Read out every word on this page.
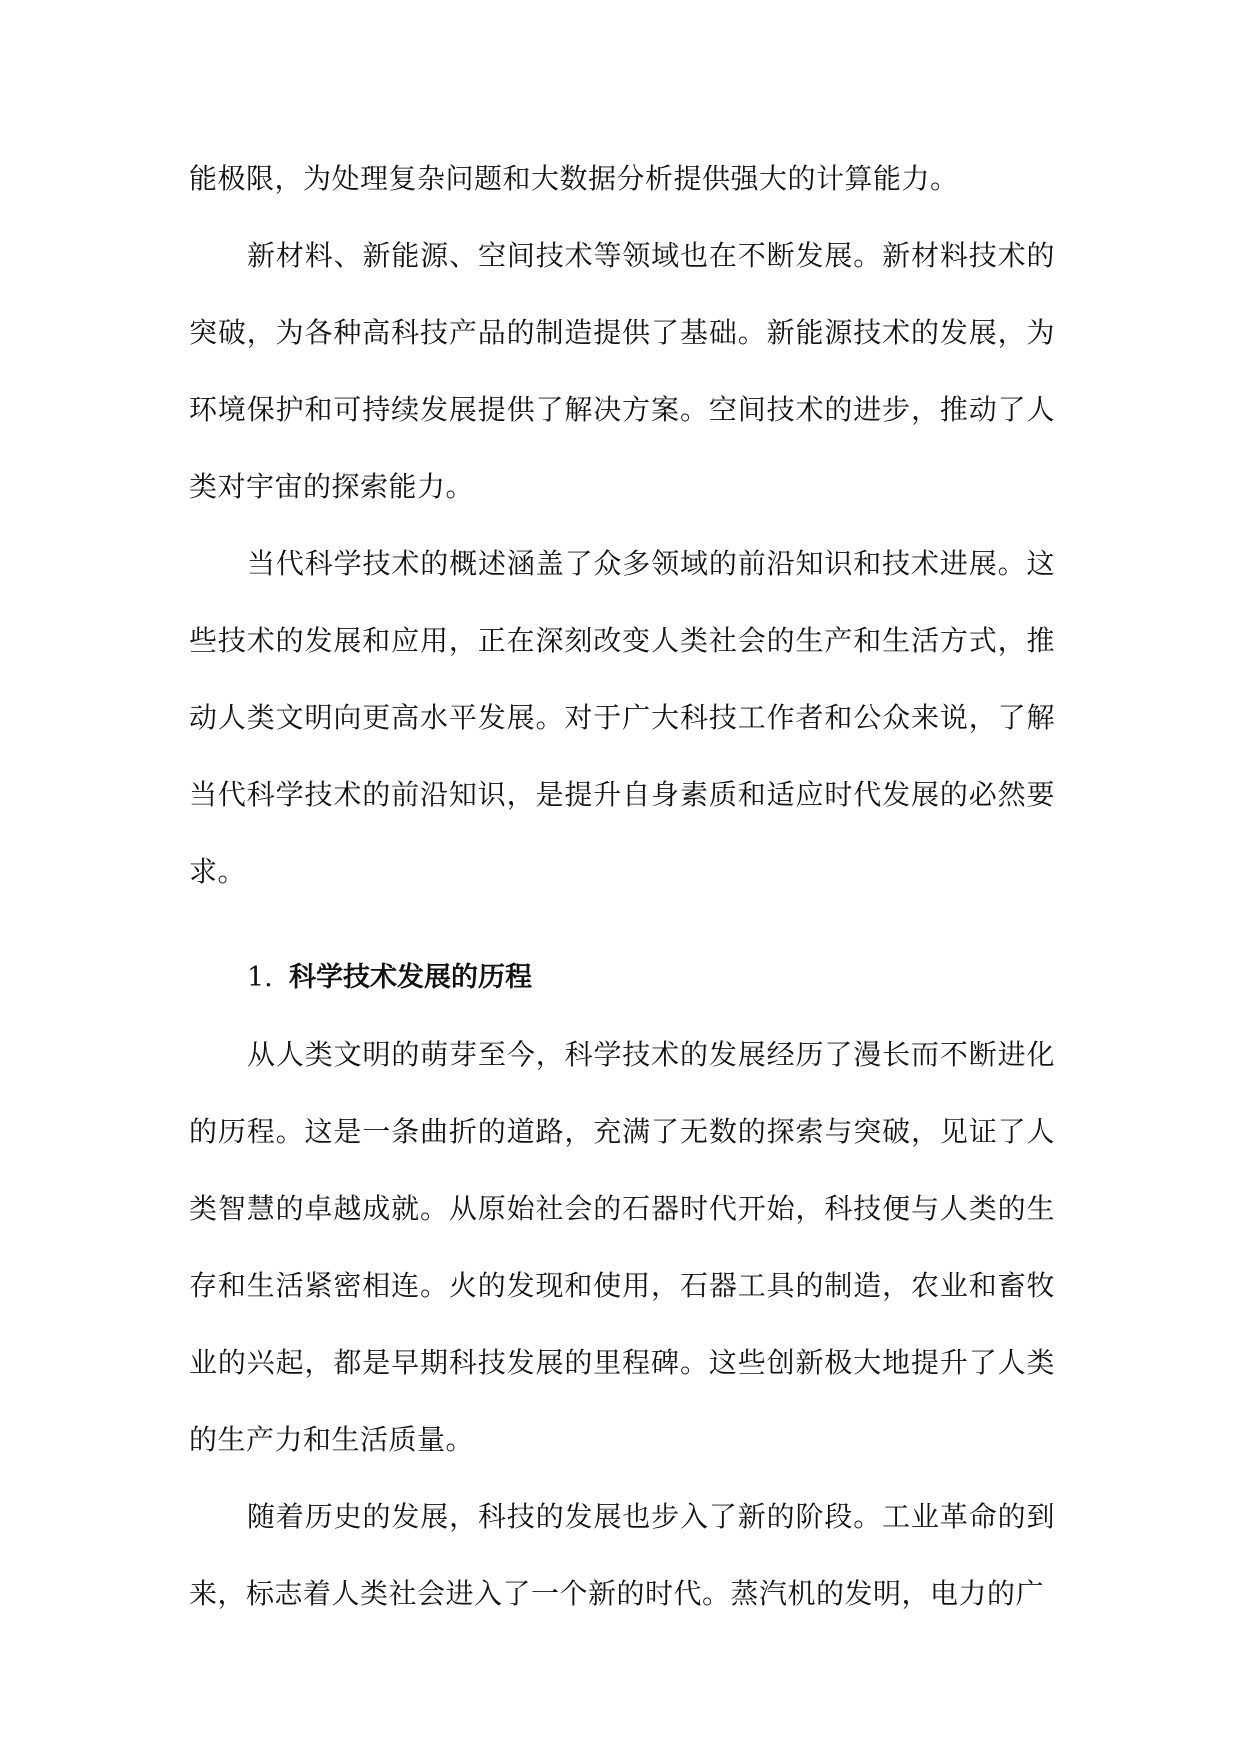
能极限，为处理复杂问题和大数据分析提供强大的计算能力。

新材料、新能源、空间技术等领域也在不断发展。新材料技术的突破，为各种高科技产品的制造提供了基础。新能源技术的发展，为环境保护和可持续发展提供了解决方案。空间技术的进步，推动了人类对宇宙的探索能力。

当代科学技术的概述涵盖了众多领域的前沿知识和技术进展。这些技术的发展和应用，正在深刻改变人类社会的生产和生活方式，推动人类文明向更高水平发展。对于广大科技工作者和公众来说，了解当代科学技术的前沿知识，是提升自身素质和适应时代发展的必然要求。

1. 科学技术发展的历程

从人类文明的萌芽至今，科学技术的发展经历了漫长而不断进化的历程。这是一条曲折的道路，充满了无数的探索与突破，见证了人类智慧的卓越成就。从原始社会的石器时代开始，科技便与人类的生存和生活紧密相连。火的发现和使用，石器工具的制造，农业和畜牧业的兴起，都是早期科技发展的里程碑。这些创新极大地提升了人类的生产力和生活质量。

随着历史的发展，科技的发展也步入了新的阶段。工业革命的到来，标志着人类社会进入了一个新的时代。蒸汽机的发明，电力的广
